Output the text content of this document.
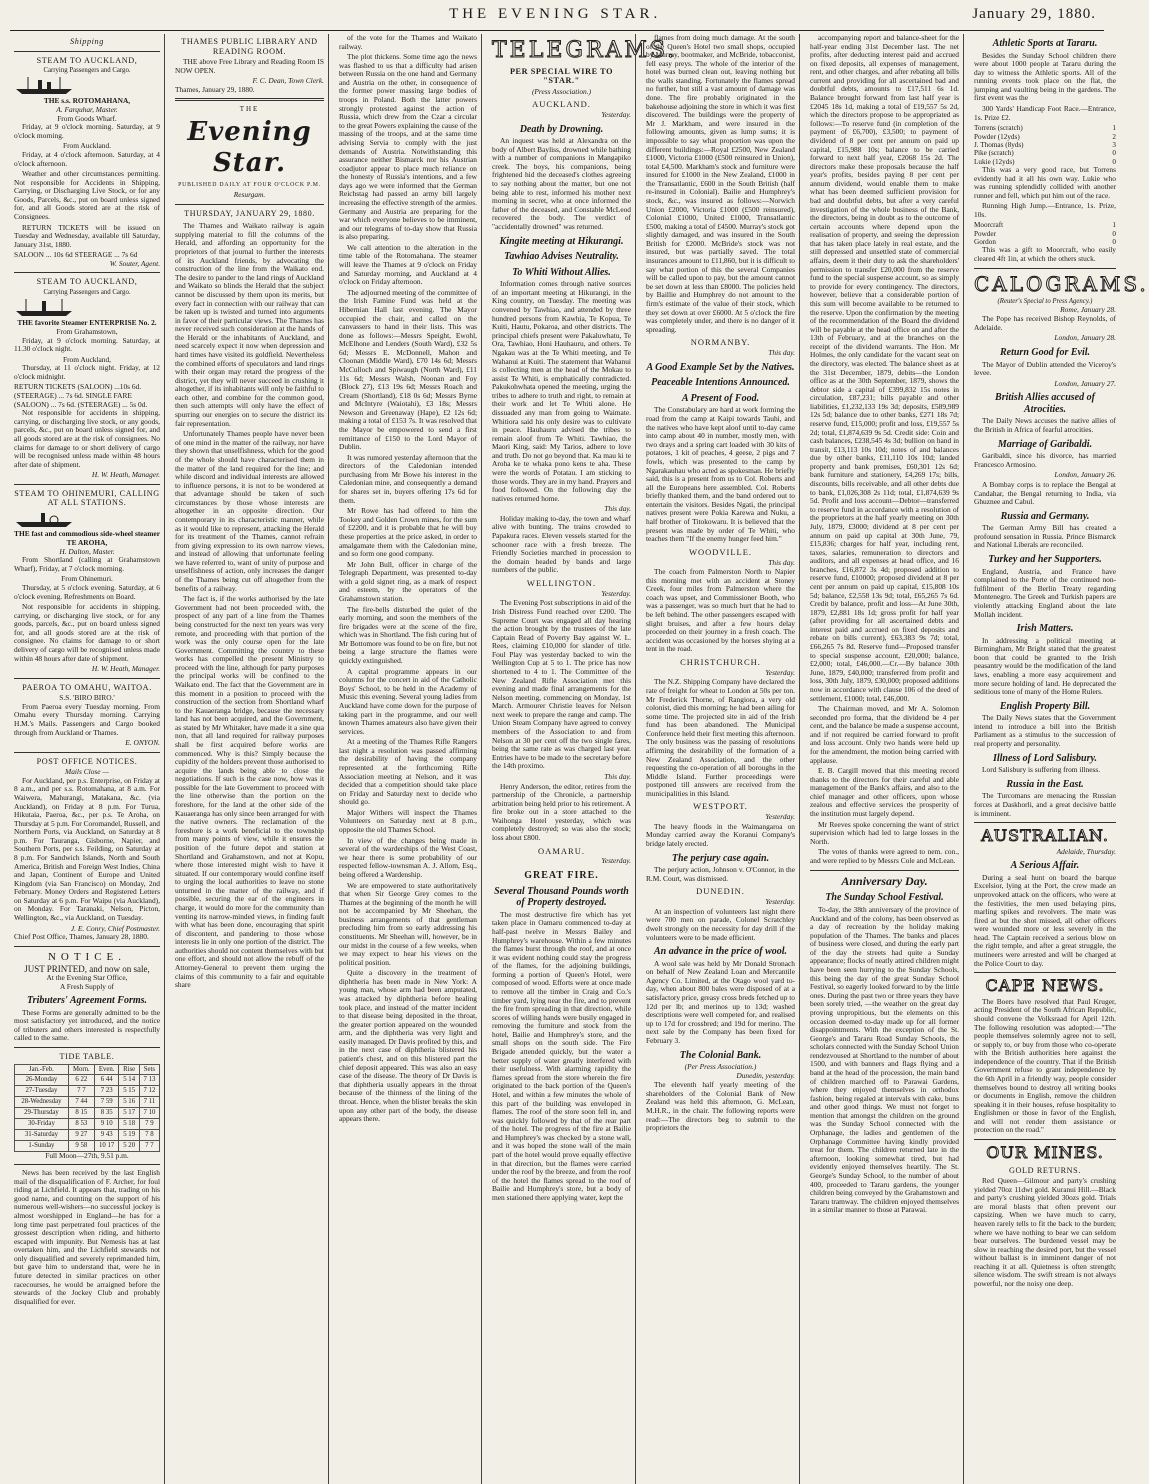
THE EVENING STAR.	January 29, 1880.
Shipping
STEAM TO AUCKLAND,
Carrying Passengers and Cargo.
THE s.s. ROTOMAHANA,
A. Farquhar, Master.
From Goods Wharf.

Friday, at 9 o'clock morning. Saturday, at 9 o'clock morning.

From Auckland.

Friday, at 4 o'clock afternoon. Saturday, at 4 o'clock afternoon.

Weather and other circumstances permitting. Not responsible for Accidents in Shipping, Carrying, or Discharging Live Stock, or for any Goods, Parcels, &c., put on board unless signed for, and all Goods stored are at the risk of Consignees.

RETURN TICKETS will be issued on Tuesday and Wednesday, available till Saturday, January 31st, 1880.

SALOON ... 10s 6d STEERAGE ... 7s 6d
W. Souter, Agent.
STEAM TO AUCKLAND,
Carrying Passengers and Cargo.
THE favorite Steamer ENTERPRISE No. 2.
From Grahamstown,

Friday, at 9 o'clock morning. Saturday, at 11.30 o'clock night.

From Auckland,

Thursday, at 11 o'clock night. Friday, at 12 o'clock midnight.

RETURN TICKETS (SALOON) ...10s 6d. (STEERAGE) ... 7s 6d. SINGLE FARE (SALOON) ... 7s 6d. (STEERAGE) ... 5s 0d.

Not responsible for accidents in shipping, carrying, or discharging live stock, or any goods, parcels, &c., put on board unless signed for, and all goods stored are at the risk of consignees. No claims for damage to or short delivery of cargo will be recognised unless made within 48 hours after date of shipment.

H. W. Heath, Manager.
STEAM TO OHINEMURI, CALLING AT ALL STATIONS.
THE fast and commodious side-wheel steamer TE AROHA,
H. Dalton, Master.

From Shortland (calling at Grahamstown Wharf), Friday, at 7 o'clock morning.

From Ohinemuri.

Thursday, at 5 o'clock evening. Saturday, at 6 o'clock evening. Refreshments on Board.

Not responsible for accidents in shipping, carrying, or discharging live stock, or for any goods, parcels, &c., put on board unless signed for, and all goods stored are at the risk of consignee. No claims for damage to or short delivery of cargo will be recognised unless made within 48 hours after date of shipment.

H. W. Heath, Manager.
PAEROA TO OMAHU, WAITOA.
S.S. 'BIRO BIRO.'

From Paeroa every Tuesday morning. From Omahu every Thursday morning. Carrying H.M.'s Mails. Passengers and Cargo booked through from Auckland or Thames.

E. ONYON.
POST OFFICE NOTICES.
Mails Close —

For Auckland, per p.s. Enterprise, on Friday at 8 a.m., and per s.s. Rotomahana, at 8 a.m. For Waiwera, Mahurangi, Matakana, &c. (via Auckland), on Friday at 8 p.m. For Turua, Hikutaia, Paeroa, &c., per p.s. Te Aroha, on Thursday at 5 p.m. For Coromandel, Russell, and Northern Ports, via Auckland, on Saturday at 8 p.m. For Tauranga, Gisborne, Napier, and Southern Ports, per s.s. Feilding, on Saturday at 8 p.m. For Sandwich Islands, North and South America, British and Foreign West Indies, China and Japan, Continent of Europe and United Kingdom (via San Francisco) on Monday, 2nd February. Money Orders and Registered Letters on Saturday at 6 p.m. For Waipu (via Auckland), on Monday. For Taranaki, Nelson, Picton, Wellington, &c., via Auckland, on Tuesday.

J. E. Conry, Chief Postmaster.
Chief Post Office, Thames, January 28, 1880.
NOTICE.
JUST PRINTED, and now on sale,
At the Evening Star Office,
A Fresh Supply of
Tributers' Agreement Forms.

These Forms are generally admitted to be the most satisfactory yet introduced, and the notice of tributers and others interested is respectfully called to the same.

TIDE TABLE.
Jan.-Feb.	Morn.	Even.	Rise	Sets
26-Monday	6 22	6 44	5 14	7 13
27-Tuesday	7 7	7 23	5 15	7 12
28-Wednesday	7 44	7 59	5 16	7 11
29-Thursday	8 15	8 35	5 17	7 10
30-Friday	8 53	9 10	5 18	7 9
31-Saturday	9 27	9 43	5 19	7 8
1-Sunday	9 58	10 17	5 20	7 7
Full Moon—27th, 9.51 p.m.

News has been received by the last English mail of the disqualification of F. Archer, for foul riding at Lichfield. It appears that, trading on his good name, and counting on the support of his numerous well-wishers—no successful jockey is almost worshipped in England—he has for a long time past perpetrated foul practices of the grossest description when riding, and hitherto escaped with impunity. But Nemesis has at last overtaken him, and the Lichfield stewards not only disqualified and severely reprimanded him, but gave him to understand that, were he in future detected in similar practices on other racecourses, he would be arraigned before the stewards of the Jockey Club and probably disqualified for ever.

THAMES PUBLIC LIBRARY AND READING ROOM.

THE above Free Library and Reading Room IS NOW OPEN.

F. C. Dean, Town Clerk.
Thames, January 29, 1880.
THE
Evening Star.
PUBLISHED DAILY AT FOUR O'CLOCK P.M.
Resurgam.
THURSDAY, JANUARY 29, 1880.

The Thames and Waikato railway is again supplying material to fill the columns of the Herald, and affording an opportunity for the proprietors of that journal to further the interests of its Auckland friends, by advocating the construction of the line from the Waikato end. The desire to pander to the land rings of Auckland and Waikato so blinds the Herald that the subject cannot be discussed by them upon its merits, but every fact in connection with our railway that can be taken up is twisted and turned into arguments in favor of their particular views. The Thames has never received such consideration at the hands of the Herald or the inhabitants of Auckland, and need scarcely expect it now when depression and hard times have visited its goldfield. Nevertheless the combined efforts of speculators and land rings with their organ may retard the progress of the district, yet they will never succeed in crushing it altogether, if its inhabitants will only be faithful to each other, and combine for the common good, then such attempts will only have the effect of spurring our energies on to secure the district its fair representation.

Unfortunately Thames people have never been of one mind in the matter of the railway, nor have they shown that unselfishness, which for the good of the whole should have characterised them in the matter of the land required for the line; and while discord and individual interests are allowed to influence persons, it is not to be wondered at that advantage should be taken of such circumstances by those whose interests are altogether in an opposite direction. Our contemporary in its characteristic manner, while as it would like to represent, attacking the Herald for its treatment of the Thames, cannot refrain from giving expression to its own narrow views, and instead of allowing that unfortunate feeling we have referred to, want of unity of purpose and unselfishness of action, only increases the danger of the Thames being cut off altogether from the benefits of a railway.

The fact is, if the works authorised by the late Government had not been proceeded with, the prospect of any part of a line from the Thames being constructed for the next ten years was very remote, and proceeding with that portion of the work was the only course open for the late Government. Committing the country to these works has compelled the present Ministry to proceed with the line, although for party purposes the principal works will be confined to the Waikato end. The fact that the Government are in this moment in a position to proceed with the construction of the section from Shortland wharf to the Kauaeranga bridge, because the necessary land has not been acquired, and the Government, as stated by Mr Whitaker, have made it a sine qua non, that all land required for railway purposes shall be first acquired before works are commenced. Why is this? Simply because the cupidity of the holders prevent those authorised to acquire the lands being able to close the negotiations. If such is the case now, how was it possible for the late Government to proceed with the line otherwise than the portion on the foreshore, for the land at the other side of the Kauaeranga has only since been arranged for with the native owners. The reclamation of the foreshore is a work beneficial to the township from many points of view, while it ensures the position of the future depot and station at Shortland and Grahamstown, and not at Kopu, where those interested might wish to have it situated. If our contemporary would confine itself to urging the local authorities to leave no stone unturned in the matter of the railway, and if possible, securing the ear of the engineers in charge, it would do more for the community than venting its narrow-minded views, in finding fault with what has been done, encouraging that spirit of discontent, and pandering to those whose interests lie in only one portion of the district. The authorities should not content themselves with but one effort, and should not allow the rebuff of the Attorney-General to prevent them urging the claims of this community to a fair and equitable share

of the vote for the Thames and Waikato railway.

The plot thickens. Some time ago the news was flashed to us that a difficulty had arisen between Russia on the one hand and Germany and Austria on the other, in consequence of the former power massing large bodies of troops in Poland. Both the latter powers strongly protested against the action of Russia, which drew from the Czar a circular to the great Powers explaining the cause of the massing of the troops, and at the same time advising Servia to comply with the just demands of Austria. Notwithstanding this assurance neither Bismarck nor his Austrian coadjutor appear to place much reliance on the honesty of Russia's intentions, and a few days ago we were informed that the German Reichstag had passed an army bill largely increasing the effective strength of the armies. Germany and Austria are preparing for the war which everyone believes to be imminent, and our telegrams of to-day show that Russia is also preparing.

We call attention to the alteration in the time table of the Rotomahana. The steamer will leave the Thames at 9 o'clock on Friday and Saturday morning, and Auckland at 4 o'clock on Friday afternoon.

The adjourned meeting of the committee of the Irish Famine Fund was held at the Hibernian Hall last evening. The Mayor occupied the chair, and called on the canvassers to hand in their lists. This was done as follows:—Messrs Speight, Ewohl, McElhone and Lenders (South Ward), £32 5s 6d; Messrs E. McDonnell, Mahon and Cloonan (Middle Ward), £70 14s 6d; Messrs McCulloch and Spiwaugh (North Ward), £11 11s 6d; Messrs Walsh, Noonan and Foy (Block 27), £13 19s 6d; Messrs Roach and Cream (Shortland), £18 0s 6d; Messrs Byrne and McIntyre (Waiotahi), £3 18s; Messrs Newson and Greenaway (Hape), £2 12s 6d; making a total of £153 7s. It was resolved that the Mayor be empowered to send a first remittance of £150 to the Lord Mayor of Dublin.

It was rumored yesterday afternoon that the directors of the Caledonian intended purchasing from Mr Bowe his interest in the Caledonian mine, and consequently a demand for shares set in, buyers offering 17s 6d for them.

Mr Rowe has had offered to him the Tookey and Golden Crown mines, for the sum of £2200, and it is probable that he will buy these properties at the price asked, in order to amalgamate them with the Caledonian mine, and so form one good company.

Mr John Bull, officer in charge of the Telegraph Department, was presented to-day with a gold signet ring, as a mark of respect and esteem, by the operators of the Grahamstown station.

The fire-bells disturbed the quiet of the early morning, and soon the members of the fire brigades were at the scene of the fire, which was in Shortland. The fish curing hut of Mr Bottomore was found to be on fire, but not being a large structure the flames were quickly extinguished.

A capital programme appears in our columns for the concert in aid of the Catholic Boys' School, to be held in the Academy of Music this evening. Several young ladies from Auckland have come down for the purpose of taking part in the programme, and our well known Thames amateurs also have given their services.

At a meeting of the Thames Rifle Rangers last night a resolution was passed affirming the desirability of having the company represented at the forthcoming Rifle Association meeting at Nelson, and it was decided that a competition should take place on Friday and Saturday next to decide who should go.

Major Withers will inspect the Thames Volunteers on Saturday next at 8 p.m., opposite the old Thames School.

In view of the changes being made in several of the warderships of the West Coast, we hear there is some probability of our respected fellow-townsman A. J. Allom, Esq., being offered a Wardenship.

We are empowered to state authoritatively that when Sir George Grey comes to the Thames at the beginning of the month he will not be accompanied by Mr Sheehan, the business arrangements of that gentleman precluding him from so early addressing his constituents. Mr Sheehan will, however, be in our midst in the course of a few weeks, when we may expect to hear his views on the political position.

Quite a discovery in the treatment of diphtheria has been made in New York: A young man, whose arm had been amputated, was attacked by diphtheria before healing took place, and instead of the matter incident to that disease being deposited in the throat, the greater portion appeared on the wounded arm, and the diphtheria was very light and easily managed. Dr Davis profited by this, and in the next case of diphtheria blistered his patient's chest, and on this blistered part the chief deposit appeared. This was also an easy case of the disease. The theory of Dr Davis is that diphtheria usually appears in the throat because of the thinness of the lining of the throat. Hence, when the blister breaks the skin upon any other part of the body, the disease appears there.

TELEGRAMS.
PER SPECIAL WIRE TO "STAR."
(Press Association.)
AUCKLAND.
Yesterday.
Death by Drowning.

An inquest was held at Alexandra on the body of Albert Bayliss, drowned while bathing with a number of companions in Mangapiko creek. The boys, his companions, being frightened hid the deceased's clothes agreeing to say nothing about the matter, but one not being able to rest, informed his mother next morning in secret, who at once informed the father of the deceased, and Constable McLeod recovered the body. The verdict of "accidentally drowned" was returned.

Kingite meeting at Hikurangi.
Tawhiao Advises Neutrality.
To Whiti Without Allies.

Information comes through native sources of an important meeting at Hikurangi, in the King country, on Tuesday. The meeting was convened by Tawhiao, and attended by three hundred persons from Kawhia, Te Kopua, Te Kuiti, Hautu, Pokaroa, and other districts. The principal chiefs present were Pakaluwhatu, Te Ora, Tawhiao, Honi Hauhauru, and others. Te Ngakau was at the Te Whiti meeting, and Te Wahanui at Kuiti. The statement that Wahanui is collecting men at the head of the Mokau to assist Te Whiti, is emphatically contradicted. Pakukohwhata opened the meeting, urging the tribes to adhere to truth and right, to remain at their work and let Te Whiti alone. He dissuaded any man from going to Waimate. Whitiora said his only desire was to cultivate in peace. Hauhauru advised the tribes to remain aloof from Te Whiti. Tawhiao, the Maori King, said: My Tarios, adhere to love and truth. Do not go beyond that. Ka mau ki te Aroha ke te whaka pono kens te aha. These were the words of Potatau. I am sticking to those words. They are in my hand. Prayers and food followed. On the following day the natives returned home.

This day.

Holiday making to-day, the town and wharf alive with bunting. The trains crowded to Papakura races. Eleven vessels started for the schooner race with a fresh breeze. The Friendly Societies marched in procession to the domain headed by bands and large numbers of the public.

WELLINGTON.
Yesterday.

The Evening Post subscriptions in aid of the Irish Distress Fund reached over £200. The Supreme Court was engaged all day hearing the action brought by the trustees of the late Captain Read of Poverty Bay against W. L. Rees, claiming £10,000 for slander of title. Foul Play was yesterday backed to win the Wellington Cup at 5 to 1. The price has now shortened to 4 to 1. The Committee of the New Zealand Rifle Association met this evening and made final arrangements for the Nelson meeting, commencing on Monday, 1st March. Armourer Christie leaves for Nelson next week to prepare the range and camp. The Union Steam Company have agreed to convey members of the Association to and from Nelson at 30 per cent off the two single fares, being the same rate as was charged last year. Entries have to be made to the secretary before the 14th proximo.

This day.

Henry Anderson, the editor, retires from the partnership of the Chronicle, a partnership arbitration being held prior to his retirement. A fire broke out in a store attached to the Waihonga Hotel yesterday, which was completely destroyed; so was also the stock; loss about £800.

OAMARU.
Yesterday.
GREAT FIRE.
Several Thousand Pounds worth of Property destroyed.

The most destructive fire which has yet taken place in Oamaru commenced to-day at half-past twelve in Messrs Bailey and Humphrey's warehouse. Within a few minutes the flames burst through the roof, and at once it was evident nothing could stay the progress of the flames, for the adjoining buildings, forming a portion of Queen's Hotel, were composed of wood. Efforts were at once made to remove all the timber in Craig and Co.'s timber yard, lying near the fire, and to prevent the fire from spreading in that direction, while scores of willing hands were busily engaged in removing the furniture and stock from the hotel, Bailie and Humphrey's store, and the small shops on the south side. The Fire Brigade attended quickly, but the water a better supply of water greatly interfered with their usefulness. With alarming rapidity the flames spread from the store wherein the fire originated to the back portion of the Queen's Hotel, and within a few minutes the whole of this part of the building was enveloped in flames. The roof of the store soon fell in, and was quickly followed by that of the rear part of the hotel. The progress of the fire at Bailie and Humphrey's was checked by a stone wall, and it was hoped the stone wall of the main part of the hotel would prove equally effective in that direction, but the flames were carried under the roof by the breeze, and from the roof of the hotel the flames spread to the roof of Bailie and Humphrey's store, but a body of men stationed there applying water, kept the

flames from doing much damage. At the south of the Queen's Hotel two small shops, occupied by Murray, bootmaker, and McBride, tobacconist, fell easy preys. The whole of the interior of the hotel was burned clean out, leaving nothing but the walls standing. Fortunately the flames spread no further, but still a vast amount of damage was done. The fire probably originated in the bakehouse adjoining the store in which it was first discovered. The buildings were the property of Mr J. Markham, and were insured in the following amounts, given as lump sums; it is impossible to say what proportion was upon the different buildings:—Royal £2500, New Zealand £1000, Victoria £1000 (£500 reinsured in Union), total £4,500. Markham's stock and furniture were insured for £1000 in the New Zealand, £1000 in the Transatlantic, £600 in the South British (half re-insured in Colonial). Bailie and Humphrey's stock, &c., was insured as follows:—Norwich Union £2000, Victoria £1000 (£500 reinsured), Colonial £1000, United £1000, Transatlantic £500, making a total of £4500. Murray's stock got slightly damaged, and was insured in the South British for £2000. McBride's stock was not insured, but was partially saved. The total insurances amount to £11,860, but it is difficult to say what portion of this the several Companies will be called upon to pay, but the amount cannot be set down at less than £8000. The policies held by Baillie and Humphrey do not amount to the firm's estimate of the value of their stock, which they set down at over £6000. At 5 o'clock the fire was completely under, and there is no danger of it spreading.

NORMANBY.
This day.
A Good Example Set by the Natives.
Peaceable Intentions Announced.
A Present of Food.

The Constabulary are hard at work forming the road from the camp at Kaipi towards Tauhi, and the natives who have kept aloof until to-day came into camp about 40 in number, mostly men, with two drays and a spring cart loaded with 30 kits of potatoes, 1 kit of peaches, 4 geese, 2 pigs and 7 fowls, which was presented to the camp by Ngarakauhau who acted as spokesman. He briefly said, this is a present from us to Col. Roberts and all the Europeans here assembled. Col. Roberts briefly thanked them, and the band ordered out to entertain the visitors. Besides Ngati, the principal natives present were Pokia Karewa and Nuku, a half brother of Titokowaru. It is believed that the present was made by order of Te Whiti, who teaches them "If the enemy hunger feed him."

WOODVILLE.
This day.

The coach from Palmerston North to Napier this morning met with an accident at Stoney Creek, four miles from Palmerston where the coach was upset, and Commissioner Booth, who was a passenger, was so much hurt that he had to be left behind. The other passengers escaped with slight bruises, and after a few hours delay proceeded on their journey in a fresh coach. The accident was occasioned by the horses shying at a tent in the road.

CHRISTCHURCH.
Yesterday.

The N.Z. Shipping Company have declared the rate of freight for wheat to London at 50s per ton. Mr Frederick Thorne, of Rangiora, a very old colonist, died this morning; he had been ailing for some time. The projected site in aid of the Irish fund has been abandoned. The Municipal Conference held their first meeting this afternoon. The only business was the passing of resolutions affirming the desirability of the formation of a New Zealand Association, and the other requesting the co-operation of all boroughs in the Middle Island. Further proceedings were postponed till answers are received from the municipalities in this Island.

WESTPORT.
Yesterday.

The heavy floods in the Waimangaroa on Monday carried away the Koranui Company's bridge lately erected.

The perjury case again.

The perjury action, Johnson v. O'Connor, in the R.M. Court, was dismissed.

DUNEDIN.
Yesterday.

At an inspection of volunteers last night there were 700 men on parade, Colonel Scratchley dwelt strongly on the necessity for day drill if the volunteers were to be made efficient.

An advance in the price of wool.

A wool sale was held by Mr Donald Stronach on behalf of New Zealand Loan and Mercantile Agency Co. Limited, at the Otago wool yard to-day, when about 800 bales were disposed of at a satisfactory price, greasy cross breds fetched up to 12d per lb; and merinos up to 13d; washed descriptions were well competed for, and realised up to 17d for crossbred; and 19d for merino. The next sale by the Company has been fixed for February 3.

The Colonial Bank.
(Per Press Association.)
Dunedin, yesterday.

The eleventh half yearly meeting of the shareholders of the Colonial Bank of New Zealand was held this afternoon, G. McLean, M.H.R., in the chair. The following reports were read:—The directors beg to submit to the proprietors the

accompanying report and balance-sheet for the half-year ending 31st December last. The net profits, after deducting interest paid and accrued on fixed deposits, all expenses of management, rent, and other charges, and after rebating all bills current and providing for all ascertained bad and doubtful debts, amounts to £17,511 6s 1d. Balance brought forward from last half year is £2045 18s 1d, making a total of £19,557 5s 2d, which the directors propose to be appropriated as follows:—To reserve fund (in completion of the payment of £6,700), £3,500; to payment of dividend of 8 per cent per annum on paid up capital, £15,988 10s; balance to be carried forward to next half year, £2068 15s 2d. The directors make these proposals because the half year's profits, besides paying 8 per cent per annum dividend, would enable them to make what has been deemed sufficient provision for bad and doubtful debts, but after a very careful investigation of the whole business of the Bank, the directors, being in doubt as to the outcome of certain accounts where depend upon the realisation of property, and seeing the depression that has taken place lately in real estate, and the still depressed and unsettled state of commercial affairs, deem it their duty to ask the shareholders' permission to transfer £20,000 from the reserve fund to the special suspense account, so as simply to provide for every contingency. The directors, however, believe that a considerable portion of this sum will become available to be returned to the reserve. Upon the confirmation by the meeting of the recommendation of the Board the dividend will be payable at the head office on and after the 13th of February, and at the branches on the receipt of the dividend warrants. The Hon. Mr Holmes, the only candidate for the vacant seat on the directory, was elected. The balance sheet as at the 31st December, 1879, debits—the London office as at the 30th September, 1879, shows the debtor side a capital of £399,832 15s notes in circulation, £87,231; bills payable and other liabilities, £1,232,133 19s 3d; deposits, £589,989 12s 5d; balance due to other banks, £271 18s 7d; reserve fund, £15,000; profit and loss, £19,557 5s 2d; total, £1,874,639 9s 5d. Credit side: Coin and cash balances, £238,545 4s 3d; bullion on hand in transit, £13,113 10s 10d; notes of and balances due by other banks, £11,110 10s 10d; landed property and bank premises, £60,301 12s 6d; bank furniture and stationery, £4,269 17s; bills, discounts, bills receivable, and all other debts due to bank, £1,026,308 2s 11d; total, £1,874,639 9s 5d. Profit and loss account—Debtor—transferred to reserve fund in accordance with a resolution of the proprietors at the half yearly meeting on 30th July, 1879, £3000; dividend at 8 per cent per annum on paid up capital at 30th June, 79, £15,836; charges for half year, including rent, taxes, salaries, remuneration to directors and auditors, and all expenses at head office, and 16 branches, £16,872 3s 4d; proposed addition to reserve fund, £10000; proposed dividend at 8 per cent per annum on paid up capital, £15,808 10s 5d; balance, £2,558 13s 9d; total, £65,265 7s 6d. Credit by balance, profit and loss—At June 30th, 1879, £2,881 18s 1d; gross profit for half year (after providing for all ascertained debts and interest paid and accrued on fixed deposits and rebate on bills current), £63,383 9s 7d; total, £66,265 7s 8d. Reserve fund—Proposed transfer to special suspense account, £20,000; balance, £2,000; total, £46,000.—Cr.—By balance 30th June, 1879, £40,000; transferred from profit and loss, 30th July, 1879, £30,000; proposed additions now in accordance with clause 106 of the deed of settlement, £1000; total, £46,000.

The Chairman moved, and Mr A. Solomon seconded pro forma, that the dividend be 4 per cent, and the balance be made a suspense account, and if not required be carried forward to profit and loss account. Only two hands were held up for the amendment, the motion being carried with applause.

E. B. Cargill moved that this meeting record thanks to the directors for their careful and able management of the Bank's affairs, and also to the chief manager and other officers, upon whose zealous and effective services the prosperity of the institution must largely depend.

Mr Reeves spoke concerning the want of strict supervision which had led to large losses in the North.

The votes of thanks were agreed to nem. con., and were replied to by Messrs Cole and McLean.

Anniversary Day.
The Sunday School Festival.

To-day, the 38th anniversary of the province of Auckland and of the colony, has been observed as a day of recreation by the holiday making population of the Thames. The banks and places of business were closed, and during the early part of the day the streets had quite a Sunday appearance; flocks of neatly attired children might have been seen hurrying to the Sunday Schools, this being the day of the great Sunday School Festival, so eagerly looked forward to by the little ones. During the past two or three years they have been sorely tried, —the weather on the great day proving unpropitious, but the elements on this occasion deemed to-day made up for all former disappointments. With the exception of the St. George's and Tararu Road Sunday Schools, the scholars connected with the Sunday School Union rendezvoused at Shortland to the number of about 1500, and with banners and flags flying and a band at the head of the procession, the main band of children marched off to Parawai Gardens, where they enjoyed themselves in orthodox fashion, being regaled at intervals with cake, buns and other good things. We must not forget to mention that amongst the children on the ground was the Sunday School connected with the Orphanage, the ladies and gentlemen of the Orphanage Committee having kindly provided treat for them. The children returned late in the afternoon, looking somewhat tired, but had evidently enjoyed themselves heartily. The St. George's Sunday School, to the number of about 400, proceeded to Tararu gardens, the younger children being conveyed by the Grahamstown and Tararu tramway. The children enjoyed themselves in a similar manner to those at Parawai.

Athletic Sports at Tararu.

Besides the Sunday School children there were about 1000 people at Tararu during the day to witness the Athletic sports. All of the running events took place on the flat, the jumping and vaulting being in the gardens. The first event was the

300 Yards' Handicap Foot Race.—Entrance, 1s. Prize £2.

Torrens (scratch)	1
Powder (12yds)	2
J. Thomas (8yds)	3
Pike (scratch)	0
Lukie (12yds)	0

This was a very good race, but Torrens evidently had it all his own way. Lukie who was running splendidly collided with another runner and fell, which put him out of the race.

Running High Jump.—Entrance, 1s. Prize, 10s.

Moorcraft	1
Powder	0
Gordon	0

This was a gift to Moorcraft, who easily cleared 4ft 1in, at which the others stuck.

CALOGRAMS.
(Reuter's Special to Press Agency.)
Rome, January 28.

The Pope has received Bishop Reynolds, of Adelaide.

London, January 28.
Return Good for Evil.

The Mayor of Dublin attended the Viceroy's levee.

London, January 27.
British Allies accused of Atrocities.

The Daily News accuses the native allies of the British in Africa of fearful atrocities.

Marriage of Garibaldi.

Garibaldi, since his divorce, has married Francesco Armosino.

London, January 26.

A Bombay corps is to replace the Bengal at Candahar, the Bengal returning to India, via Ghuznee and Cabul.

Russia and Germany.

The German Army Bill has created a profound sensation in Russia. Prince Bismarck and National Liberals are reconciled.

Turkey and her Supporters.

England, Austria, and France have complained to the Porte of the continued non-fulfilment of the Berlin Treaty regarding Montenegro. The Greek and Turkish papers are violently attacking England about the late Mollah incident.

Irish Matters.

In addressing a political meeting at Birmingham, Mr Bright stated that the greatest boon that could be granted to the Irish peasantry would be the modification of the land laws, enabling a more easy acquirement and more secure holding of land. He deprecated the seditious tone of many of the Home Rulers.

English Property Bill.

The Daily News states that the Government intend to introduce a bill into the British Parliament as a stimulus to the succession of real property and personality.

Illness of Lord Salisbury.

Lord Salisbury is suffering from illness.

Russia in the East.

The Turcomans are menacing the Russian forces at Daskhorli, and a great decisive battle is imminent.

AUSTRALIAN.
Adelaide, Thursday.
A Serious Affair.

During a seal hunt on board the barque Excelsior, lying at the Port, the crew made an unprovoked attack on the officers, who were at the festivities, the men used belaying pins, marling spikes and revolvers. The mate was fired at but the shot missed, all other officers were wounded more or less severely in the head. The Captain received a serious blow on the right temple, and after a great struggle, the mutineers were arrested and will be charged at the Police Court to day.

CAPE NEWS.

The Boers have resolved that Paul Kruger, acting President of the South African Republic, should convene the Volksraad for April 12th. The following resolution was adopted:—"The people themselves solemnly agree not to sell, or supply to, or buy from those who co-operate with the British authorities here against the independence of the country. That if the British Government refuse to grant independence by the 6th April in a friendly way, people consider themselves bound to destroy all writing books or documents in English, remove the children speaking it in their houses, refuse hospitality to Englishmen or those in favor of the English, and will not render them assistance or protection on the road."

OUR MINES.
GOLD RETURNS.

Red Queen—Gilmour and party's crushing yielded 70oz 11dwt gold. Kuranui Hill.—Black and party's crushing yielded 30ozs gold. Trials are moral blasts that often prevent our capsizing. When we have much to carry, heaven rarely tells to fit the back to the burden; where we have nothing to bear we can seldom bear ourselves. The burdened vessel may be slow in reaching the desired port, but the vessel without ballast is in imminent danger of not reaching it at all. Quietness is often strength; silence wisdom. The swift stream is not always powerful, nor the noisy one deep.
